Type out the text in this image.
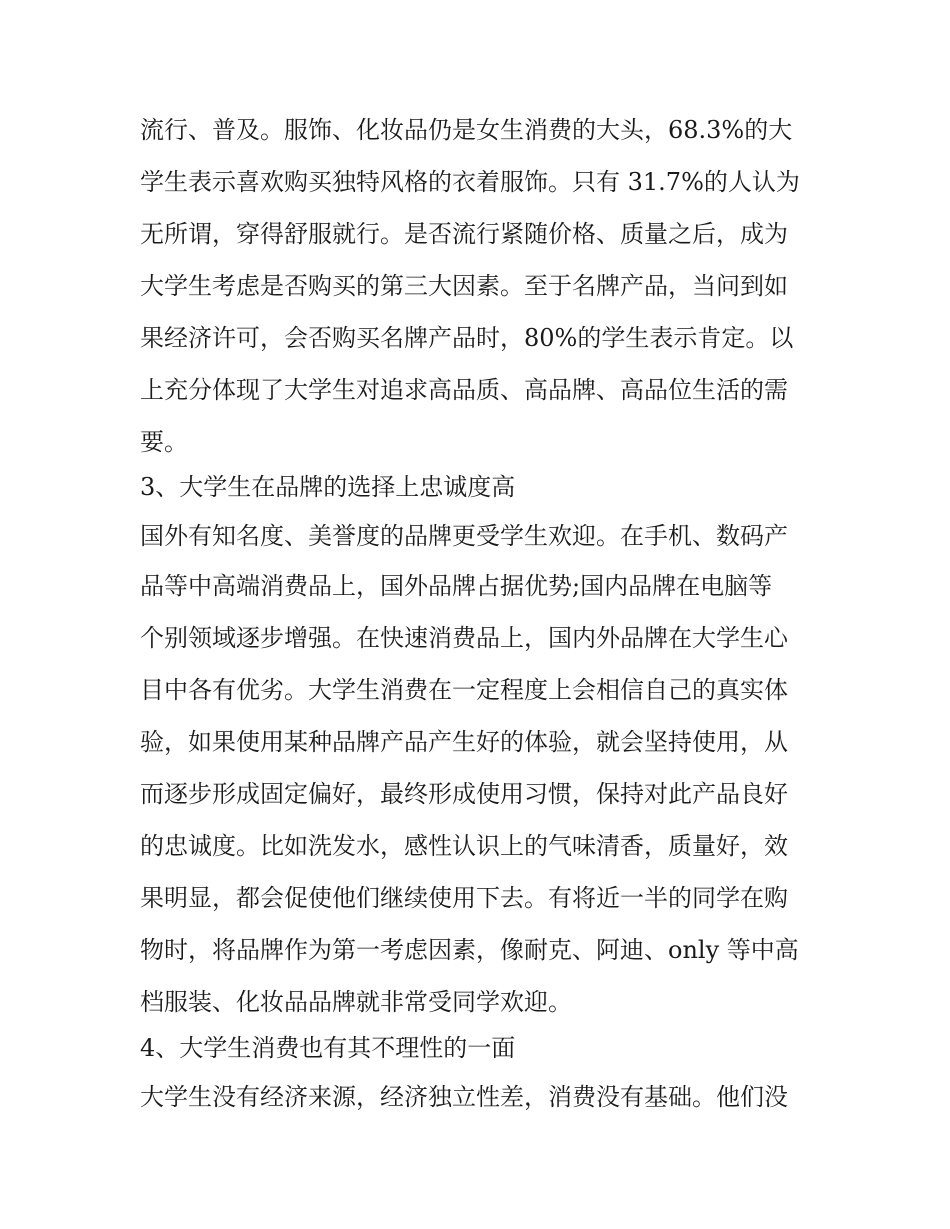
流行、普及。服饰、化妆品仍是女生消费的大头，68.3%的大
学生表示喜欢购买独特风格的衣着服饰。只有 31.7%的人认为
无所谓，穿得舒服就行。是否流行紧随价格、质量之后，成为
大学生考虑是否购买的第三大因素。至于名牌产品，当问到如
果经济许可，会否购买名牌产品时，80%的学生表示肯定。以
上充分体现了大学生对追求高品质、高品牌、高品位生活的需
要。
3、大学生在品牌的选择上忠诚度高
国外有知名度、美誉度的品牌更受学生欢迎。在手机、数码产
品等中高端消费品上，国外品牌占据优势;国内品牌在电脑等
个别领域逐步增强。在快速消费品上，国内外品牌在大学生心
目中各有优劣。大学生消费在一定程度上会相信自己的真实体
验，如果使用某种品牌产品产生好的体验，就会坚持使用，从
而逐步形成固定偏好，最终形成使用习惯，保持对此产品良好
的忠诚度。比如洗发水，感性认识上的气味清香，质量好，效
果明显，都会促使他们继续使用下去。有将近一半的同学在购
物时，将品牌作为第一考虑因素，像耐克、阿迪、only 等中高
档服装、化妆品品牌就非常受同学欢迎。
4、大学生消费也有其不理性的一面
大学生没有经济来源，经济独立性差，消费没有基础。他们没
